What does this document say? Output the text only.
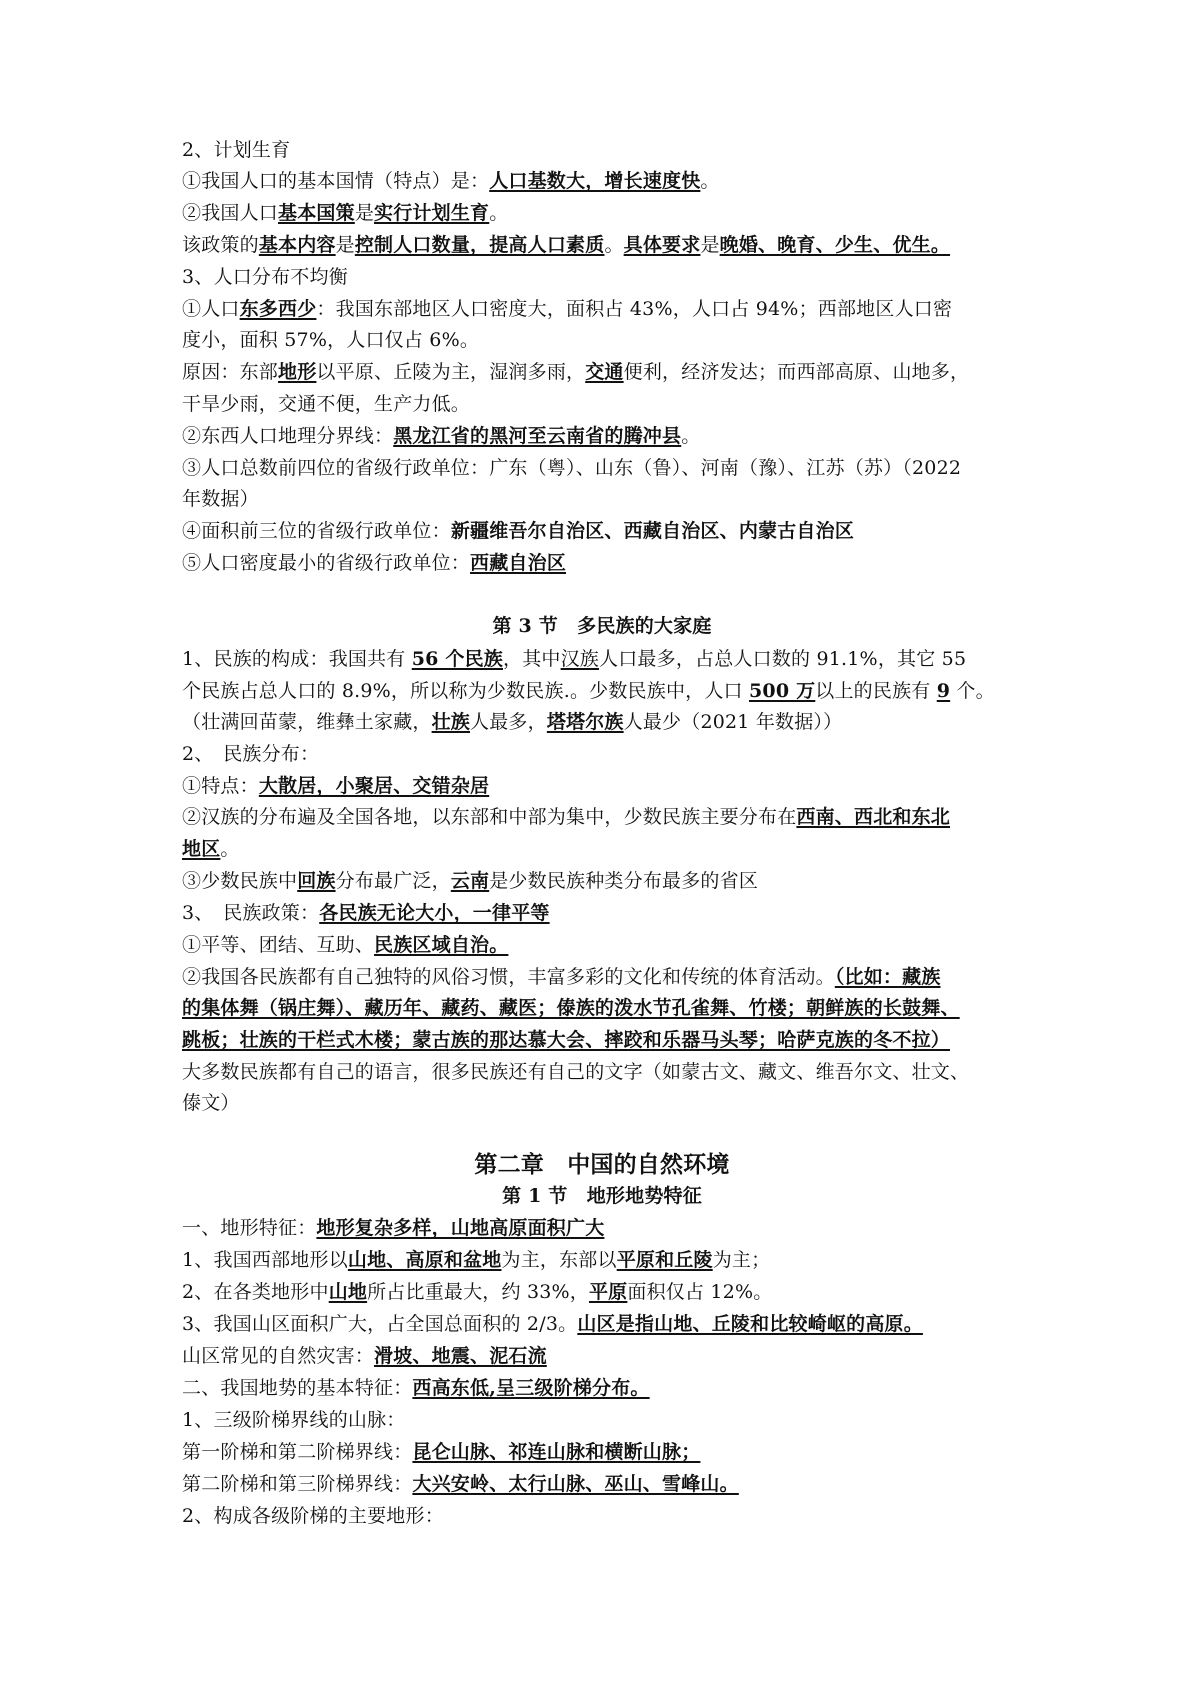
2、计划生育
①我国人口的基本国情（特点）是：人口基数大，增长速度快。
②我国人口基本国策是实行计划生育。
该政策的基本内容是控制人口数量，提高人口素质。具体要求是晚婚、晚育、少生、优生。
3、人口分布不均衡
①人口东多西少：我国东部地区人口密度大，面积占 43%，人口占 94%；西部地区人口密
度小，面积 57%，人口仅占 6%。
原因：东部地形以平原、丘陵为主，湿润多雨，交通便利，经济发达；而西部高原、山地多，
干旱少雨，交通不便，生产力低。
②东西人口地理分界线：黑龙江省的黑河至云南省的腾冲县。
③人口总数前四位的省级行政单位：广东（粤）、山东（鲁）、河南（豫）、江苏（苏）（2022
年数据）
④面积前三位的省级行政单位：新疆维吾尔自治区、西藏自治区、内蒙古自治区
⑤人口密度最小的省级行政单位：西藏自治区
第 3 节　多民族的大家庭
1、民族的构成：我国共有 56 个民族，其中汉族人口最多，占总人口数的 91.1%，其它 55
个民族占总人口的 8.9%，所以称为少数民族.。少数民族中，人口 500 万以上的民族有 9 个。
（壮满回苗蒙，维彝土家藏，壮族人最多，塔塔尔族人最少（2021 年数据））
2、　民族分布：
①特点：大散居，小聚居、交错杂居
②汉族的分布遍及全国各地，以东部和中部为集中，少数民族主要分布在西南、西北和东北
地区。
③少数民族中回族分布最广泛，云南是少数民族种类分布最多的省区
3、　民族政策：各民族无论大小，一律平等
①平等、团结、互助、民族区域自治。
②我国各民族都有自己独特的风俗习惯，丰富多彩的文化和传统的体育活动。（比如：藏族
的集体舞（锅庄舞）、藏历年、藏药、藏医；傣族的泼水节孔雀舞、竹楼；朝鲜族的长鼓舞、
跳板；壮族的干栏式木楼；蒙古族的那达慕大会、摔跤和乐器马头琴；哈萨克族的冬不拉）
大多数民族都有自己的语言，很多民族还有自己的文字（如蒙古文、藏文、维吾尔文、壮文、
傣文）
第二章　中国的自然环境
第 1 节　地形地势特征
一、地形特征：地形复杂多样，山地高原面积广大
1、我国西部地形以山地、高原和盆地为主，东部以平原和丘陵为主；
2、在各类地形中山地所占比重最大，约 33%，平原面积仅占 12%。
3、我国山区面积广大，占全国总面积的 2/3。山区是指山地、丘陵和比较崎岖的高原。
山区常见的自然灾害：滑坡、地震、泥石流
二、我国地势的基本特征：西高东低,呈三级阶梯分布。
1、三级阶梯界线的山脉：
第一阶梯和第二阶梯界线：昆仑山脉、祁连山脉和横断山脉；
第二阶梯和第三阶梯界线：大兴安岭、太行山脉、巫山、雪峰山。
2、构成各级阶梯的主要地形：
